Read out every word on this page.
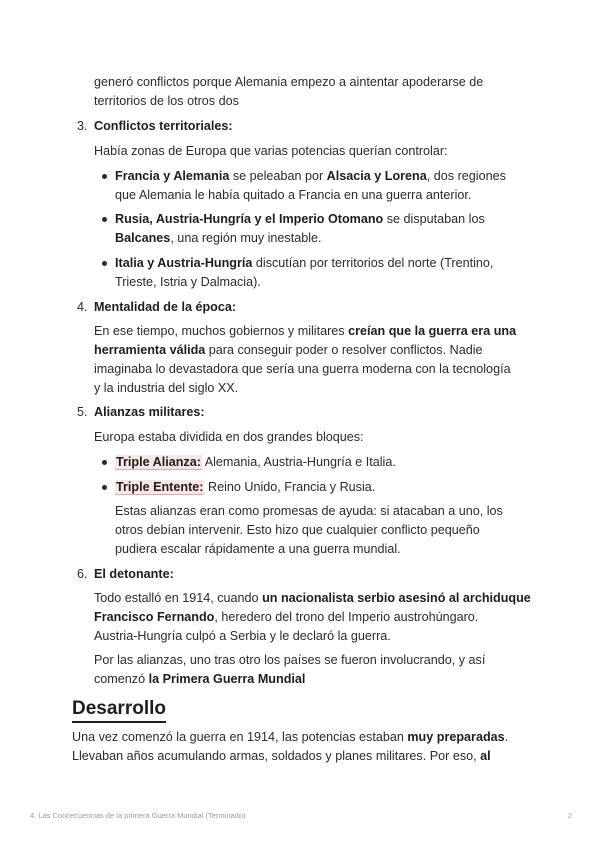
generó conflictos porque Alemania empezo a aintentar apoderarse de

territorios de los otros dos

3. Conflictos territoriales:

Había zonas de Europa que varias potencias querían controlar:

Francia y Alemania se peleaban por Alsacia y Lorena, dos regiones

que Alemania le había quitado a Francia en una guerra anterior.

Rusia, Austria-Hungría y el Imperio Otomano se disputaban los

Balcanes, una región muy inestable.

Italia y Austria-Hungría discutían por territorios del norte (Trentino,

Trieste, Istria y Dalmacia).

4. Mentalidad de la época:

En ese tiempo, muchos gobiernos y militares creían que la guerra era una

herramienta válida para conseguir poder o resolver conflictos. Nadie

imaginaba lo devastadora que sería una guerra moderna con la tecnología

y la industria del siglo XX.

5. Alianzas militares:

Europa estaba dividida en dos grandes bloques:

Triple Alianza: Alemania, Austria-Hungría e Italia.

Triple Entente: Reino Unido, Francia y Rusia.

Estas alianzas eran como promesas de ayuda: si atacaban a uno, los

otros debían intervenir. Esto hizo que cualquier conflicto pequeño

pudiera escalar rápidamente a una guerra mundial.

6. El detonante:

Todo estalló en 1914, cuando un nacionalista serbio asesinó al archiduque

Francisco Fernando, heredero del trono del Imperio austrohúngaro.

Austria-Hungría culpó a Serbia y le declaró la guerra.

Por las alianzas, uno tras otro los países se fueron involucrando, y así

comenzó la Primera Guerra Mundial

Desarrollo

Una vez comenzó la guerra en 1914, las potencias estaban muy preparadas.

Llevaban años acumulando armas, soldados y planes militares. Por eso, al

4. Las Concecuencias de la primera Guerra Mundial (Terminado)	2
